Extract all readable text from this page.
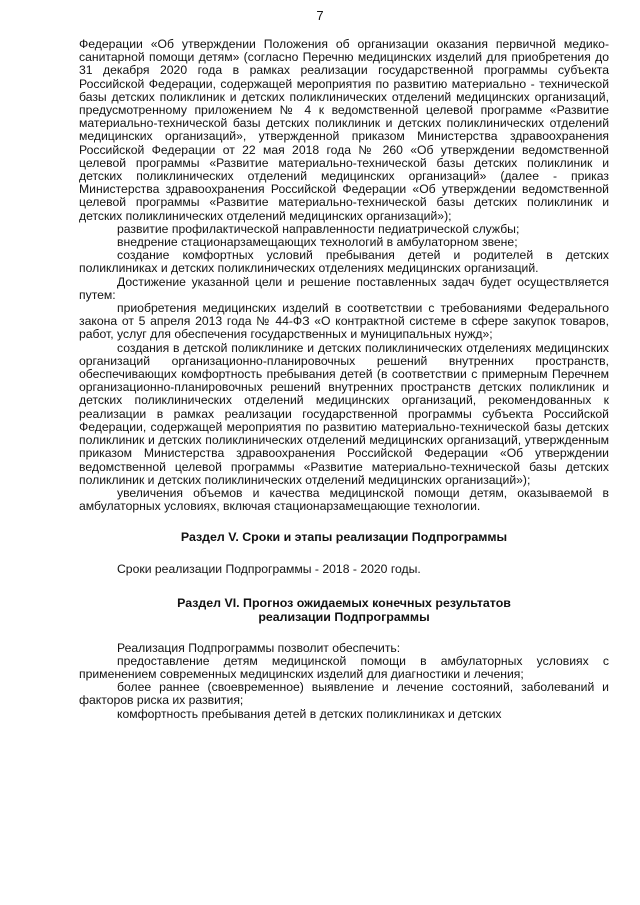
7

Федерации «Об утверждении Положения об организации оказания первичной медико-санитарной помощи детям» (согласно Перечню медицинских изделий для приобретения до 31 декабря 2020 года в рамках реализации государственной программы субъекта Российской Федерации, содержащей мероприятия по развитию материально - технической базы детских поликлиник и детских поликлинических отделений медицинских организаций, предусмотренному приложением № 4 к ведомственной целевой программе «Развитие материально-технической базы детских поликлиник и детских поликлинических отделений медицинских организаций», утвержденной приказом Министерства здравоохранения Российской Федерации от 22 мая 2018 года № 260 «Об утверждении ведомственной целевой программы «Развитие материально-технической базы детских поликлиник и детских поликлинических отделений медицинских организаций» (далее - приказ Министерства здравоохранения Российской Федерации «Об утверждении ведомственной целевой программы «Развитие материально-технической базы детских поликлиник и детских поликлинических отделений медицинских организаций»);

развитие профилактической направленности педиатрической службы;

внедрение стационарзамещающих технологий в амбулаторном звене;

создание комфортных условий пребывания детей и родителей в детских поликлиниках и детских поликлинических отделениях медицинских организаций.

Достижение указанной цели и решение поставленных задач будет осуществляется путем:

приобретения медицинских изделий в соответствии с требованиями Федерального закона от 5 апреля 2013 года № 44-ФЗ «О контрактной системе в сфере закупок товаров, работ, услуг для обеспечения государственных и муниципальных нужд»;

создания в детской поликлинике и детских поликлинических отделениях медицинских организаций организационно-планировочных решений внутренних пространств, обеспечивающих комфортность пребывания детей (в соответствии с примерным Перечнем организационно-планировочных решений внутренних пространств детских поликлиник и детских поликлинических отделений медицинских организаций, рекомендованных к реализации в рамках реализации государственной программы субъекта Российской Федерации, содержащей мероприятия по развитию материально-технической базы детских поликлиник и детских поликлинических отделений медицинских организаций, утвержденным приказом Министерства здравоохранения Российской Федерации «Об утверждении ведомственной целевой программы «Развитие материально-технической базы детских поликлиник и детских поликлинических отделений медицинских организаций»);

увеличения объемов и качества медицинской помощи детям, оказываемой в амбулаторных условиях, включая стационарзамещающие технологии.

Раздел V. Сроки и этапы реализации Подпрограммы

Сроки реализации Подпрограммы - 2018 - 2020 годы.

Раздел VI. Прогноз ожидаемых конечных результатов

реализации Подпрограммы

Реализация Подпрограммы позволит обеспечить:

предоставление детям медицинской помощи в амбулаторных условиях с применением современных медицинских изделий для диагностики и лечения;

более раннее (своевременное) выявление и лечение состояний, заболеваний и факторов риска их развития;

комфортность пребывания детей в детских поликлиниках и детских
